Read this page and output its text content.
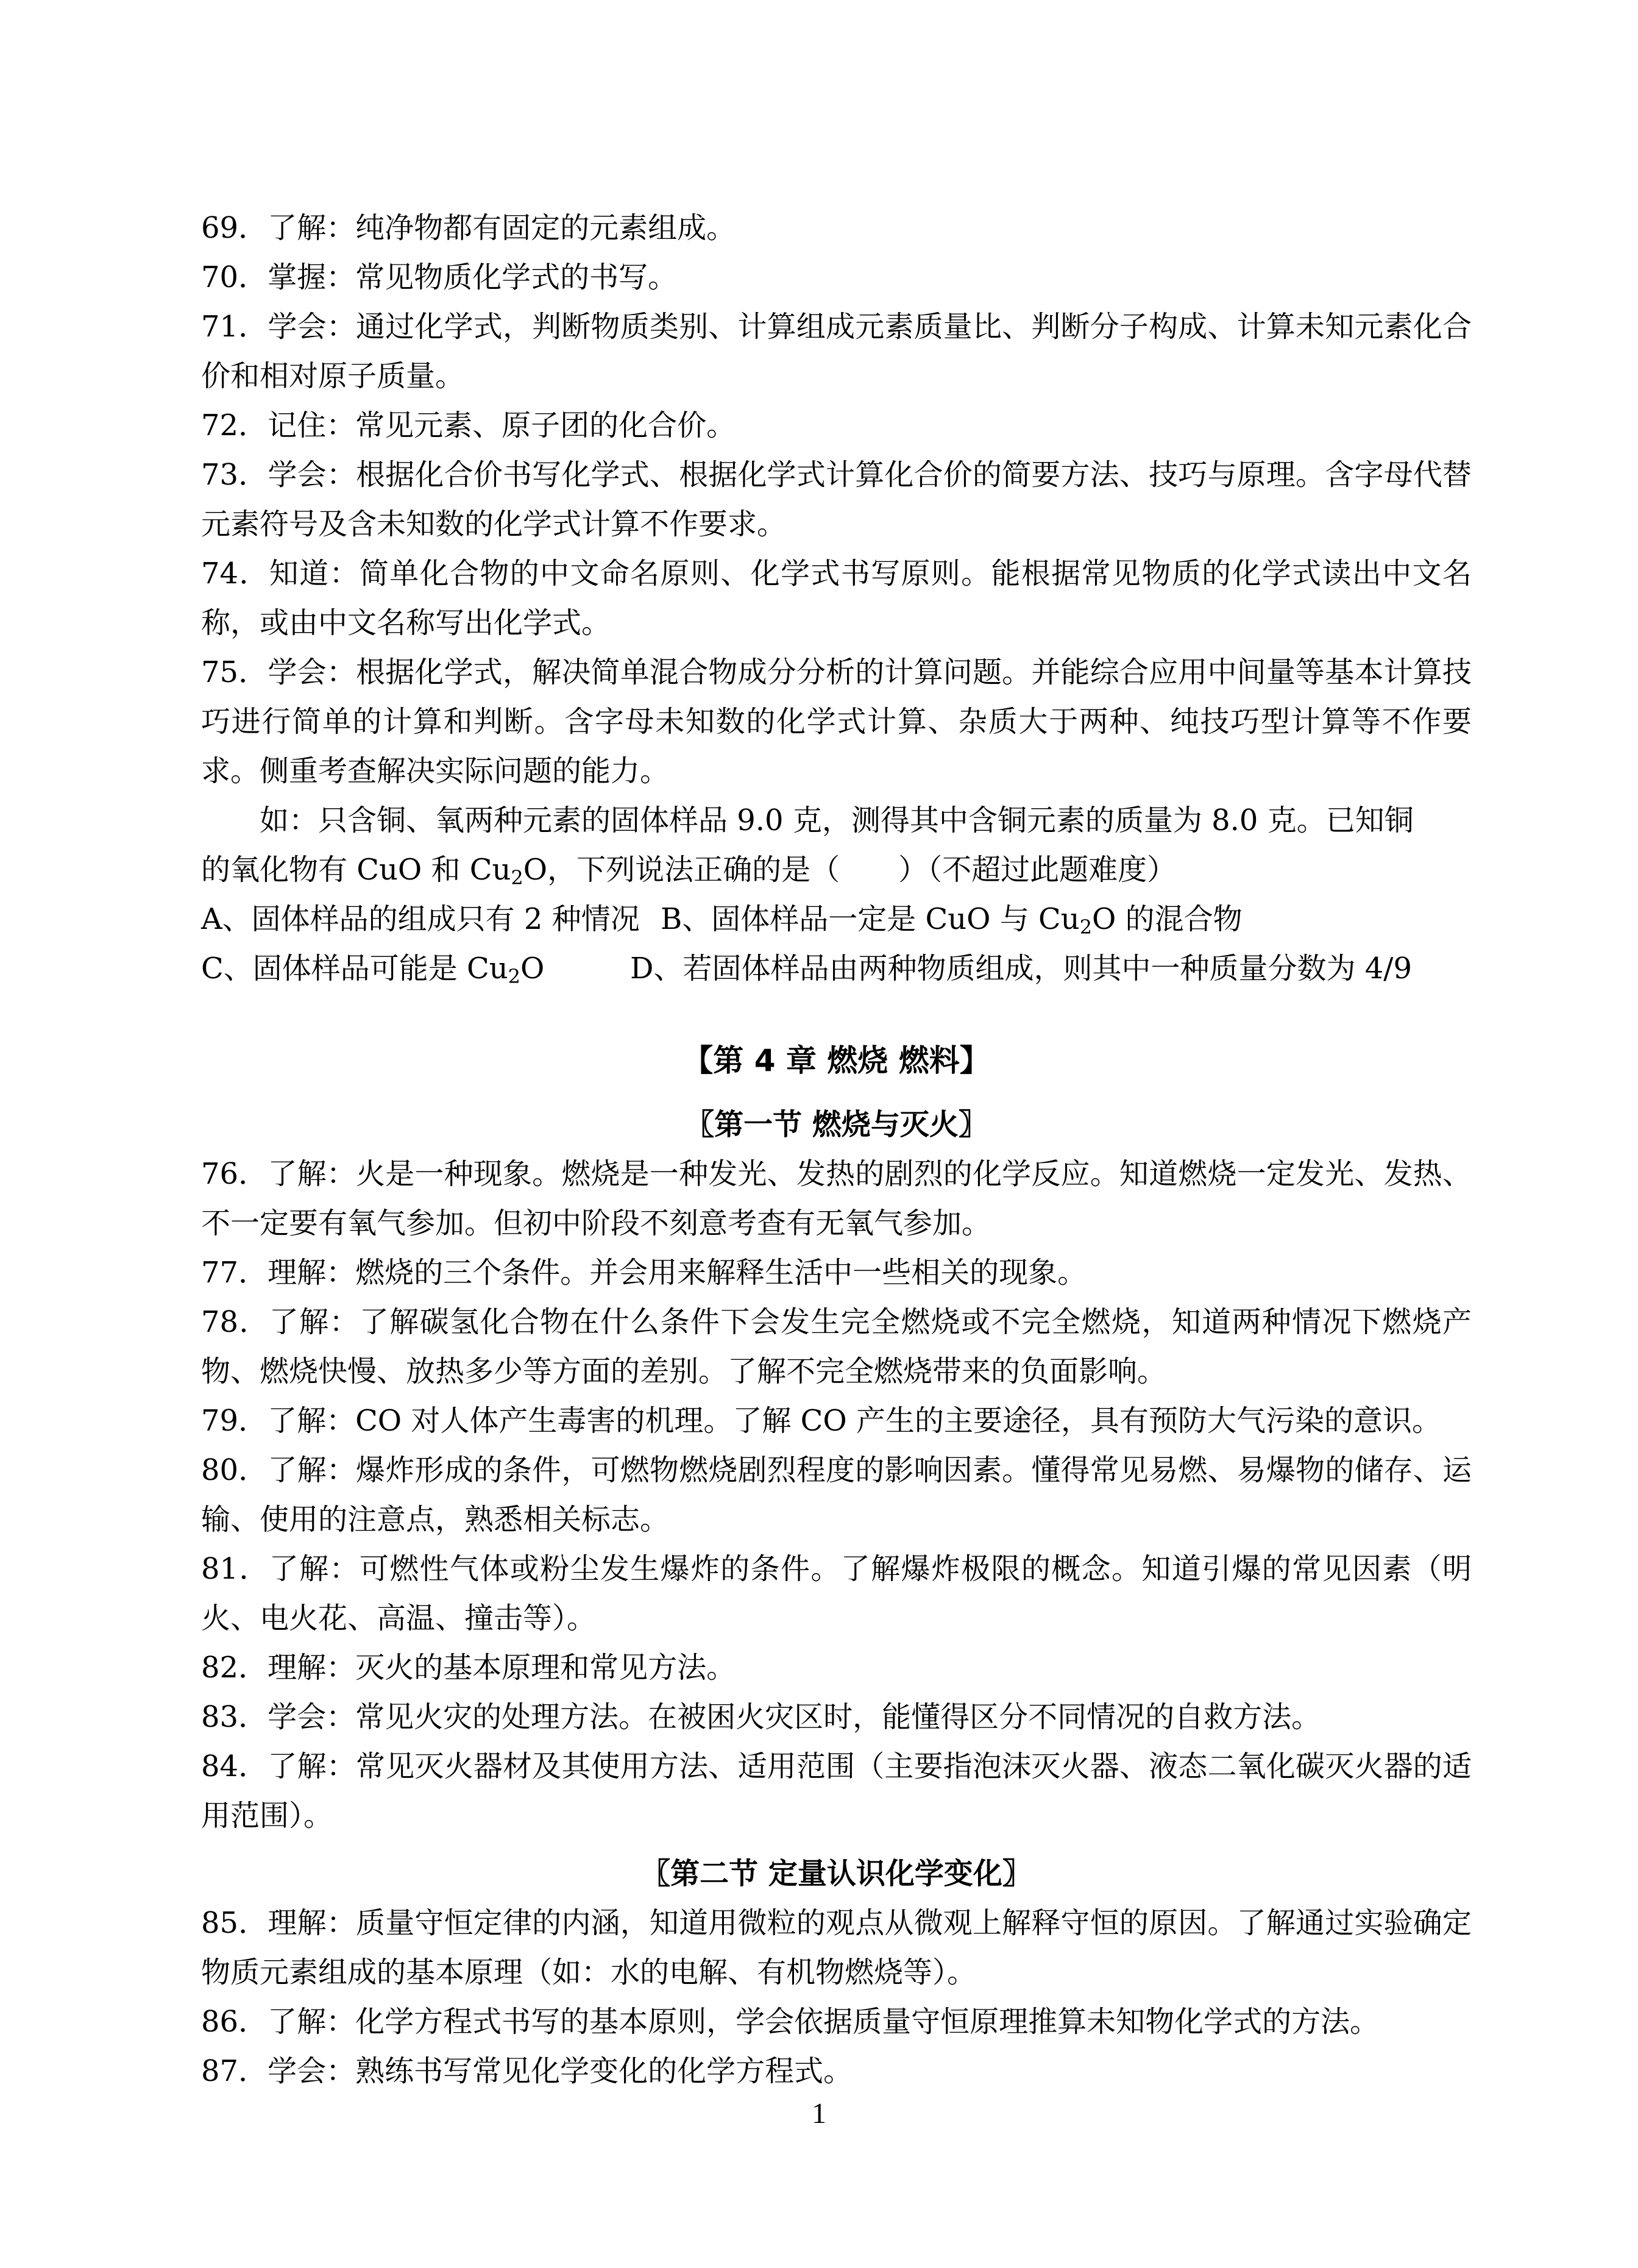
69．了解：纯净物都有固定的元素组成。

70．掌握：常见物质化学式的书写。

71．学会：通过化学式，判断物质类别、计算组成元素质量比、判断分子构成、计算未知元素化合价和相对原子质量。

72．记住：常见元素、原子团的化合价。

73．学会：根据化合价书写化学式、根据化学式计算化合价的简要方法、技巧与原理。含字母代替元素符号及含未知数的化学式计算不作要求。

74．知道：简单化合物的中文命名原则、化学式书写原则。能根据常见物质的化学式读出中文名称，或由中文名称写出化学式。

75．学会：根据化学式，解决简单混合物成分分析的计算问题。并能综合应用中间量等基本计算技巧进行简单的计算和判断。含字母未知数的化学式计算、杂质大于两种、纯技巧型计算等不作要求。侧重考查解决实际问题的能力。

如：只含铜、氧两种元素的固体样品 9.0 克，测得其中含铜元素的质量为 8.0 克。已知铜

的氧化物有 CuO 和 $Cu_2O$，下列说法正确的是（　　）（不超过此题难度）

A、固体样品的组成只有 2 种情况 B、固体样品一定是 CuO 与 $Cu_2O$ 的混合物

C、固体样品可能是 $Cu_2O$	D、若固体样品由两种物质组成，则其中一种质量分数为 4/9

【第 4 章 燃烧 燃料】

〖第一节 燃烧与灭火〗

76．了解：火是一种现象。燃烧是一种发光、发热的剧烈的化学反应。知道燃烧一定发光、发热、不一定要有氧气参加。但初中阶段不刻意考查有无氧气参加。

77．理解：燃烧的三个条件。并会用来解释生活中一些相关的现象。

78．了解：了解碳氢化合物在什么条件下会发生完全燃烧或不完全燃烧，知道两种情况下燃烧产物、燃烧快慢、放热多少等方面的差别。了解不完全燃烧带来的负面影响。

79．了解：CO 对人体产生毒害的机理。了解 CO 产生的主要途径，具有预防大气污染的意识。

80．了解：爆炸形成的条件，可燃物燃烧剧烈程度的影响因素。懂得常见易燃、易爆物的储存、运输、使用的注意点，熟悉相关标志。

81．了解：可燃性气体或粉尘发生爆炸的条件。了解爆炸极限的概念。知道引爆的常见因素（明火、电火花、高温、撞击等）。

82．理解：灭火的基本原理和常见方法。

83．学会：常见火灾的处理方法。在被困火灾区时，能懂得区分不同情况的自救方法。

84．了解：常见灭火器材及其使用方法、适用范围（主要指泡沫灭火器、液态二氧化碳灭火器的适用范围）。

〖第二节 定量认识化学变化〗

85．理解：质量守恒定律的内涵，知道用微粒的观点从微观上解释守恒的原因。了解通过实验确定物质元素组成的基本原理（如：水的电解、有机物燃烧等）。

86．了解：化学方程式书写的基本原则，学会依据质量守恒原理推算未知物化学式的方法。

87．学会：熟练书写常见化学变化的化学方程式。

1
